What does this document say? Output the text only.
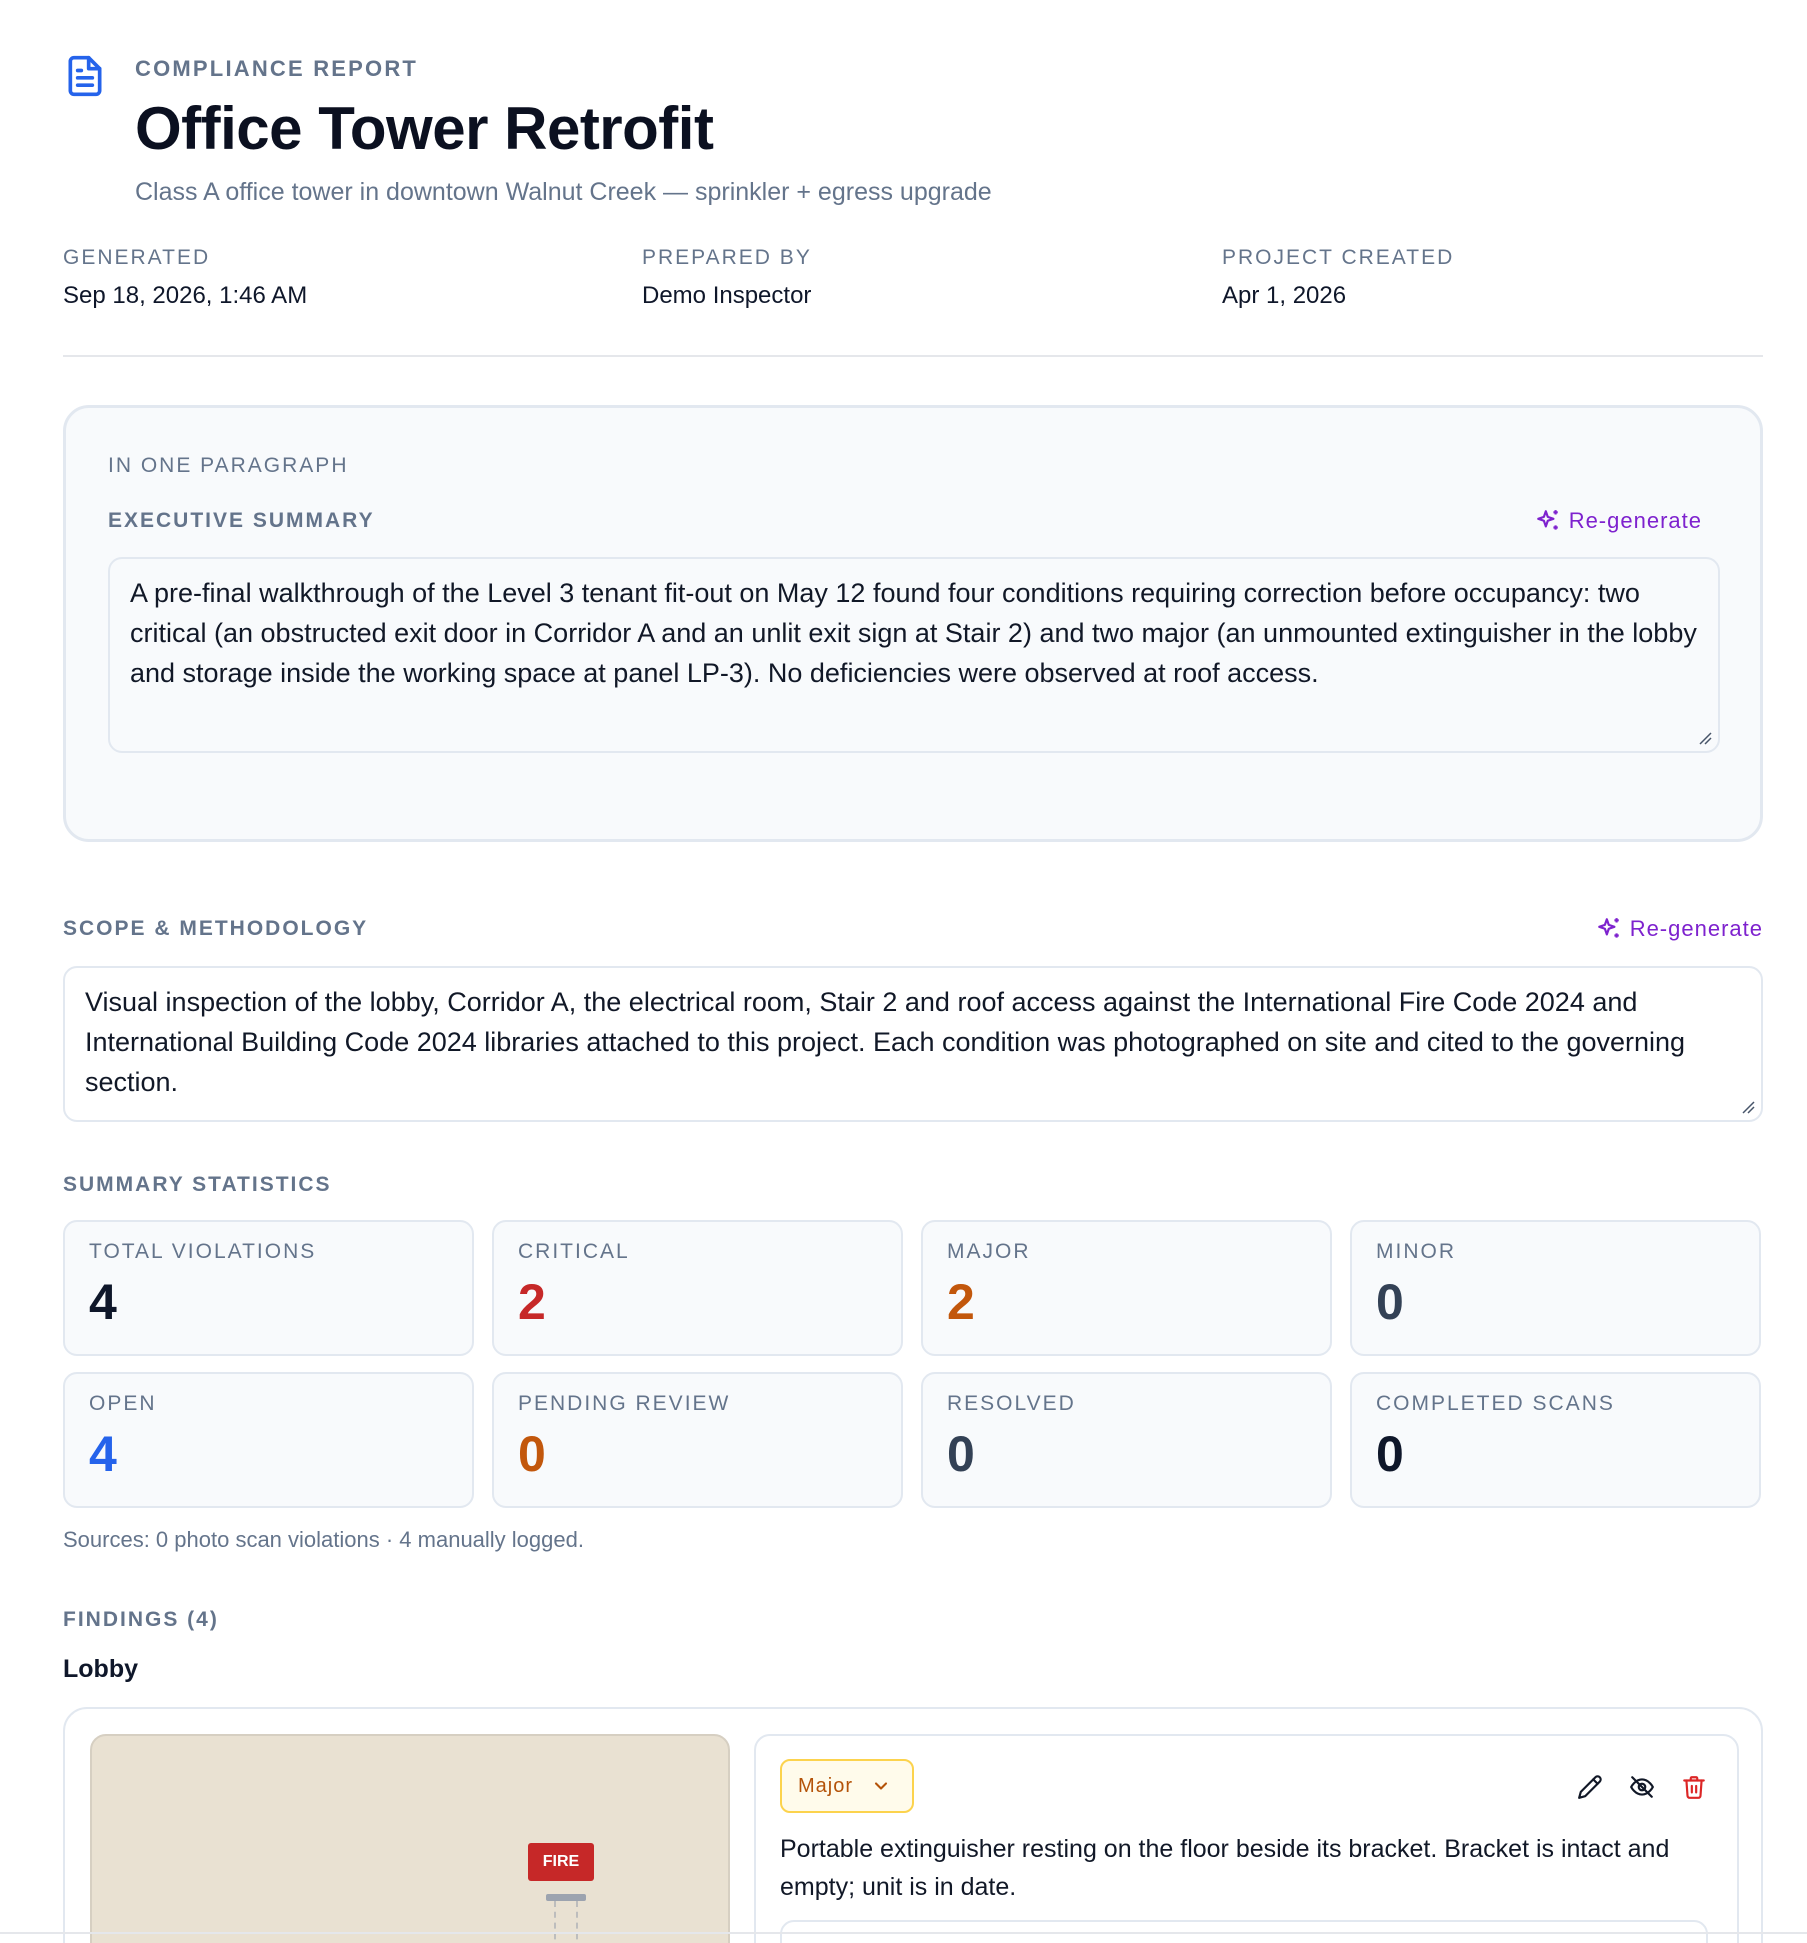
COMPLIANCE REPORT
Office Tower Retrofit
Class A office tower in downtown Walnut Creek — sprinkler + egress upgrade
GENERATED
Sep 18, 2026, 1:46 AM
PREPARED BY
Demo Inspector
PROJECT CREATED
Apr 1, 2026
IN ONE PARAGRAPH
EXECUTIVE SUMMARY	Re-generate
A pre-final walkthrough of the Level 3 tenant fit-out on May 12 found four conditions requiring correction before occupancy: two critical (an obstructed exit door in Corridor A and an unlit exit sign at Stair 2) and two major (an unmounted extinguisher in the lobby and storage inside the working space at panel LP-3). No deficiencies were observed at roof access.
SCOPE & METHODOLOGY	Re-generate
Visual inspection of the lobby, Corridor A, the electrical room, Stair 2 and roof access against the International Fire Code 2024 and International Building Code 2024 libraries attached to this project. Each condition was photographed on site and cited to the governing section.
SUMMARY STATISTICS
TOTAL VIOLATIONS
4
CRITICAL
2
MAJOR
2
MINOR
0
OPEN
4
PENDING REVIEW
0
RESOLVED
0
COMPLETED SCANS
0
Sources: 0 photo scan violations · 4 manually logged.
FINDINGS (4)
Lobby
FIRE
Major

Portable extinguisher resting on the floor beside its bracket. Bracket is intact and empty; unit is in date.
